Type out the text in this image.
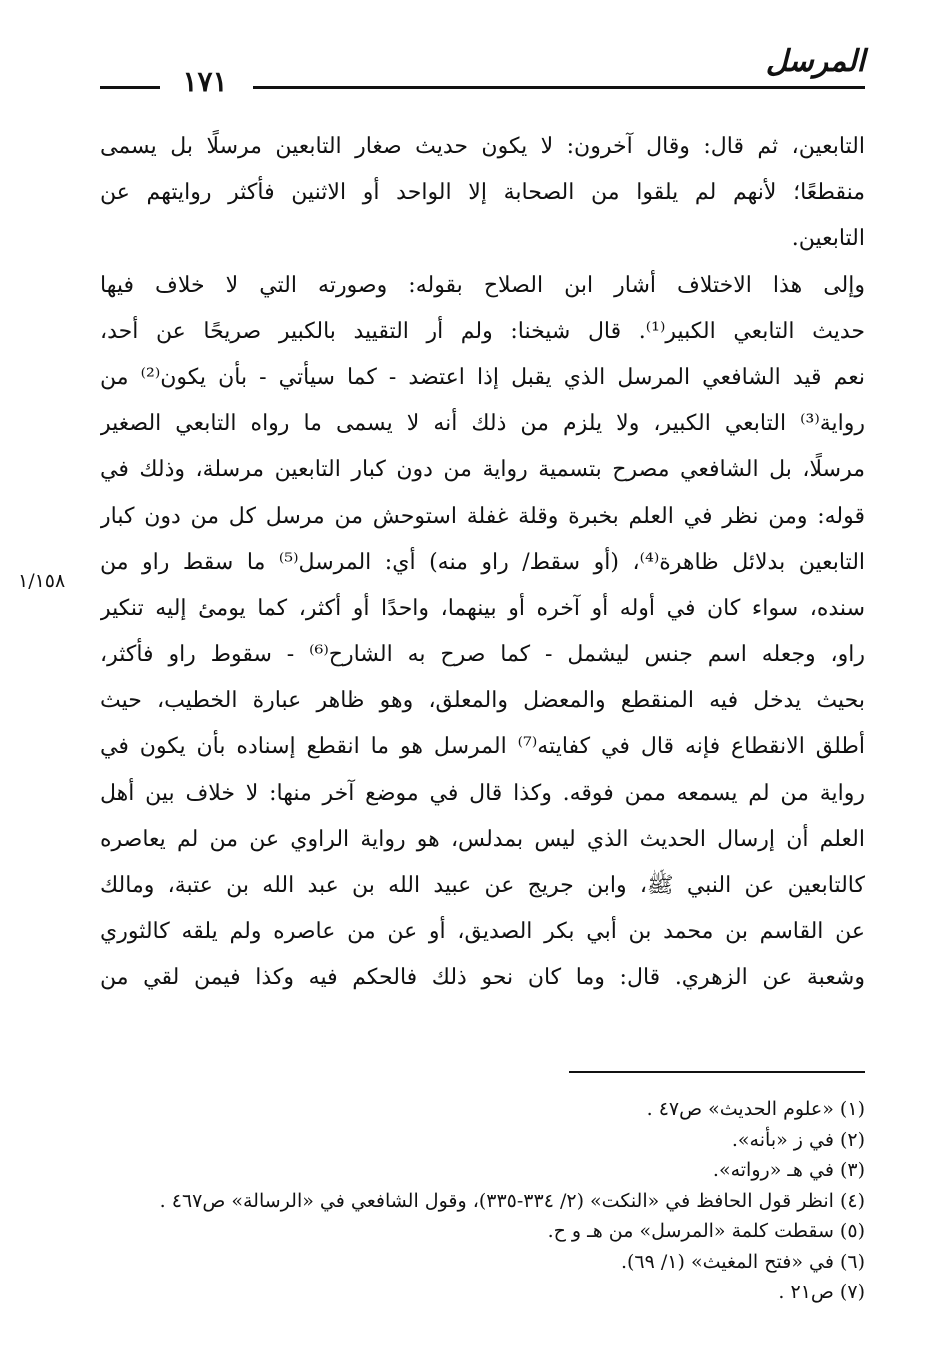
المرسل
١٧١
التابعين، ثم قال: وقال آخرون: لا يكون حديث صغار التابعين مرسلًا بل يسمى
منقطعًا؛ لأنهم لم يلقوا من الصحابة إلا الواحد أو الاثنين فأكثر روايتهم عن
التابعين.
وإلى هذا الاختلاف أشار ابن الصلاح بقوله: وصورته التي لا خلاف فيها
حديث التابعي الكبير⁽¹⁾. قال شيخنا: ولم أر التقييد بالكبير صريحًا عن أحد،
نعم قيد الشافعي المرسل الذي يقبل إذا اعتضد - كما سيأتي - بأن يكون⁽²⁾ من
رواية⁽³⁾ التابعي الكبير، ولا يلزم من ذلك أنه لا يسمى ما رواه التابعي الصغير
مرسلًا، بل الشافعي مصرح بتسمية رواية من دون كبار التابعين مرسلة، وذلك في
قوله: ومن نظر في العلم بخبرة وقلة غفلة استوحش من مرسل كل من دون كبار
التابعين بدلائل ظاهرة⁽⁴⁾، (أو سقط/ راو منه) أي: المرسل⁽⁵⁾ ما سقط راو من
سنده، سواء كان في أوله أو آخره أو بينهما، واحدًا أو أكثر، كما يومئ إليه تنكير
راو، وجعله اسم جنس ليشمل - كما صرح به الشارح⁽⁶⁾ - سقوط راو فأكثر،
بحيث يدخل فيه المنقطع والمعضل والمعلق، وهو ظاهر عبارة الخطيب، حيث
أطلق الانقطاع فإنه قال في كفايته⁽⁷⁾ المرسل هو ما انقطع إسناده بأن يكون في
رواية من لم يسمعه ممن فوقه. وكذا قال في موضع آخر منها: لا خلاف بين أهل
العلم أن إرسال الحديث الذي ليس بمدلس، هو رواية الراوي عن من لم يعاصره
كالتابعين عن النبي ﷺ، وابن جريج عن عبيد الله بن عبد الله بن عتبة، ومالك
عن القاسم بن محمد بن أبي بكر الصديق، أو عن من عاصره ولم يلقه كالثوري
وشعبة عن الزهري. قال: وما كان نحو ذلك فالحكم فيه وكذا فيمن لقي من
١/١٥٨
(١) «علوم الحديث» ص٤٧ .
(٢) في ز «بأنه».
(٣) في هـ «رواته».
(٤) انظر قول الحافظ في «النكت» (٢/ ٣٣٤-٣٣٥)، وقول الشافعي في «الرسالة» ص٤٦٧ .
(٥) سقطت كلمة «المرسل» من هـ و ح.
(٦) في «فتح المغيث» (١/ ٦٩).
(٧) ص٢١ .
